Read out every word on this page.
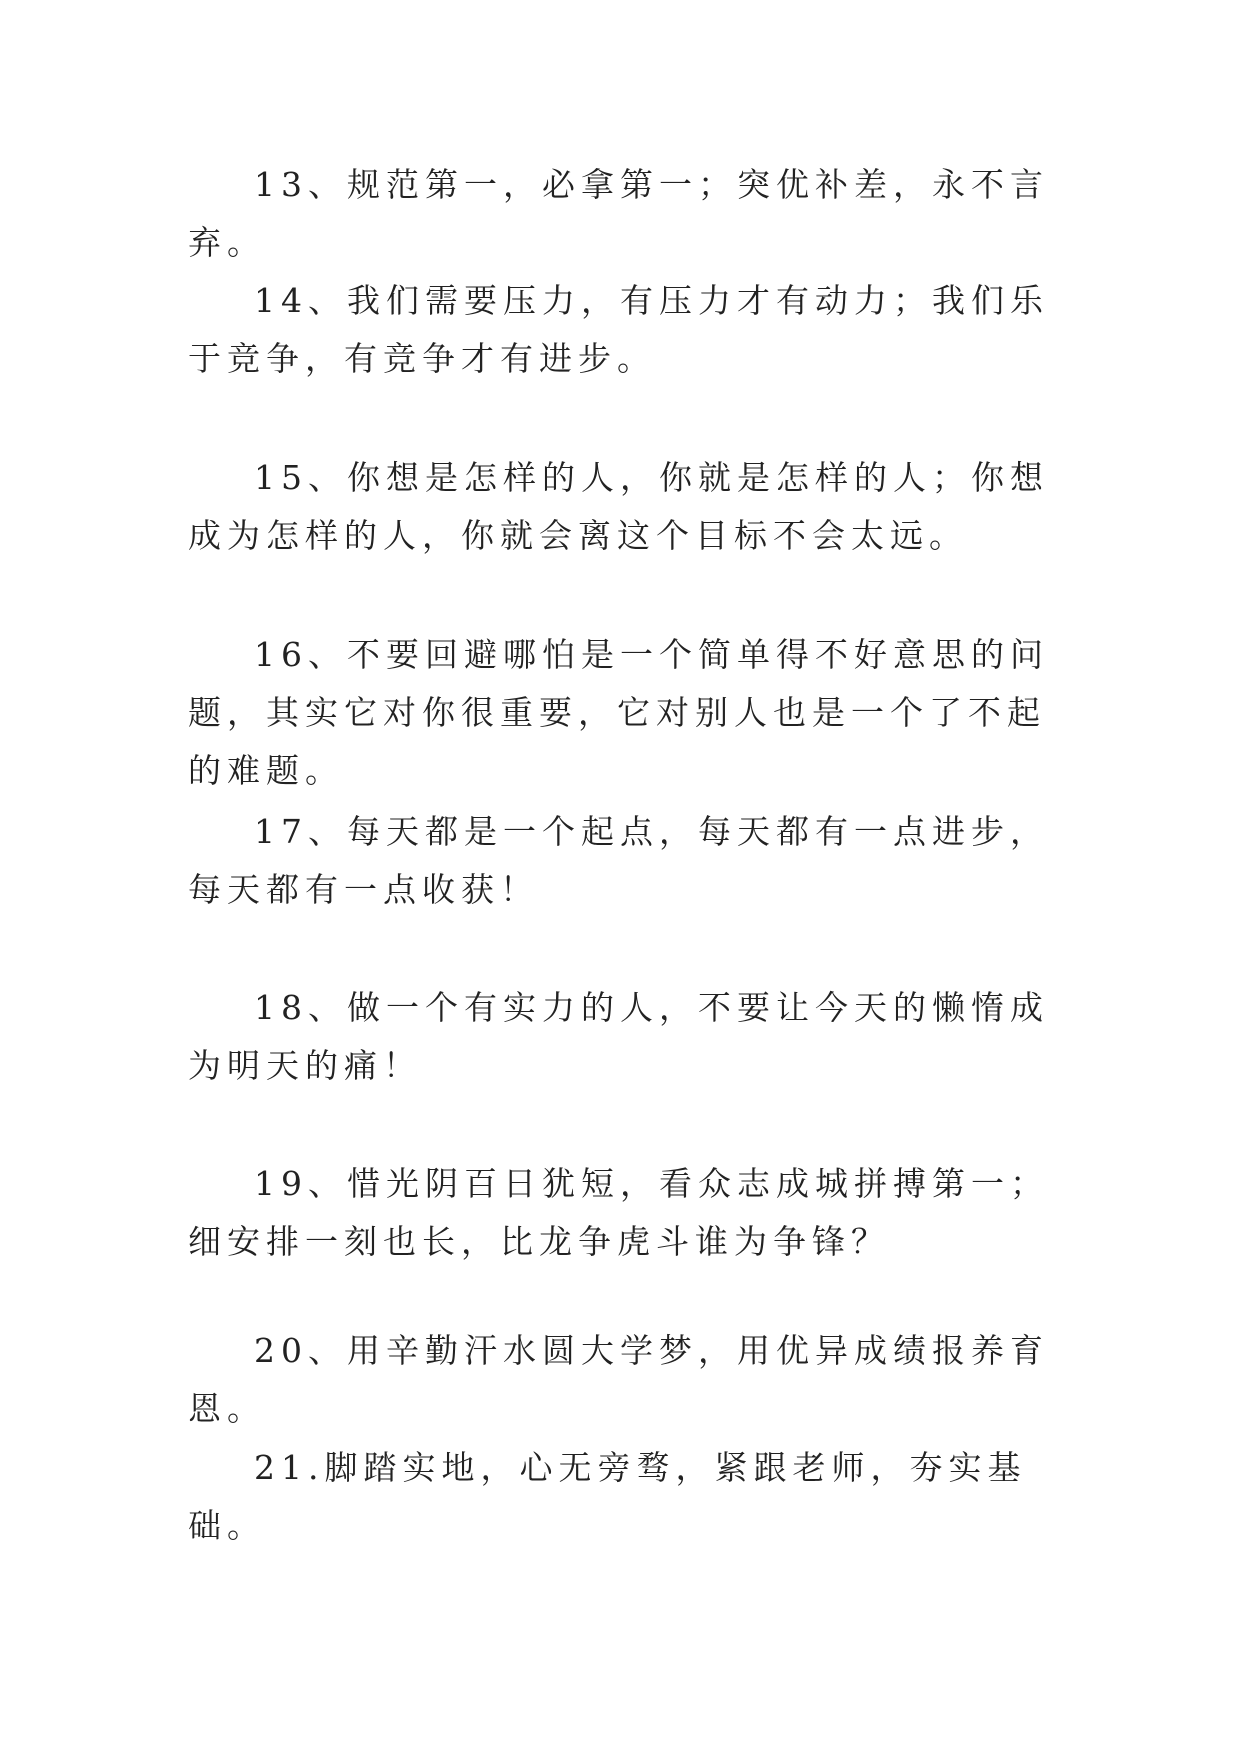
13、规范第一，必拿第一；突优补差，永不言弃。

14、我们需要压力，有压力才有动力；我们乐于竞争，有竞争才有进步。

15、你想是怎样的人，你就是怎样的人；你想成为怎样的人，你就会离这个目标不会太远。

16、不要回避哪怕是一个简单得不好意思的问题，其实它对你很重要，它对别人也是一个了不起的难题。

17、每天都是一个起点，每天都有一点进步，每天都有一点收获！

18、做一个有实力的人，不要让今天的懒惰成为明天的痛！

19、惜光阴百日犹短，看众志成城拼搏第一；细安排一刻也长，比龙争虎斗谁为争锋？

20、用辛勤汗水圆大学梦，用优异成绩报养育恩。

21.脚踏实地，心无旁骛，紧跟老师，夯实基础。
